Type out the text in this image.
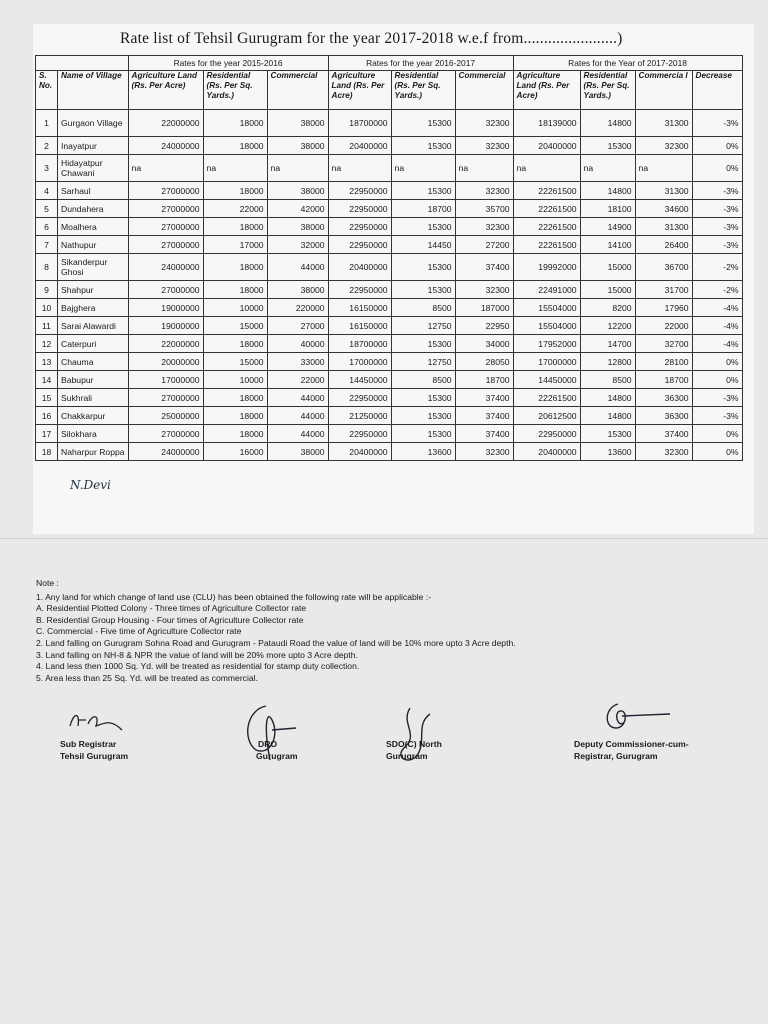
Rate list of Tehsil Gurugram for the year 2017-2018 w.e.f from.......................)
		Rates for the year 2015-2016			Rates for the year 2016-2017			Rates for the Year of 2017-2018			
S. No.	Name of Village	Agriculture Land (Rs. Per Acre)	Residential (Rs. Per Sq. Yards.)	Commercial	Agriculture Land (Rs. Per Acre)	Residential (Rs. Per Sq. Yards.)	Commercial	Agriculture Land (Rs. Per Acre)	Residential (Rs. Per Sq. Yards.)	Commercia l	Decrease
1	Gurgaon Village	22000000	18000	38000	18700000	15300	32300	18139000	14800	31300	-3%
2	Inayatpur	24000000	18000	38000	20400000	15300	32300	20400000	15300	32300	0%
3	Hidayatpur Chawani	na	na	na	na	na	na	na	na	na	0%
4	Sarhaul	27000000	18000	38000	22950000	15300	32300	22261500	14800	31300	-3%
5	Dundahera	27000000	22000	42000	22950000	18700	35700	22261500	18100	34600	-3%
6	Moalhera	27000000	18000	38000	22950000	15300	32300	22261500	14900	31300	-3%
7	Nathupur	27000000	17000	32000	22950000	14450	27200	22261500	14100	26400	-3%
8	Sikanderpur Ghosi	24000000	18000	44000	20400000	15300	37400	19992000	15000	36700	-2%
9	Shahpur	27000000	18000	38000	22950000	15300	32300	22491000	15000	31700	-2%
10	Bajghera	19000000	10000	220000	16150000	8500	187000	15504000	8200	17960	-4%
11	Sarai Alawardi	19000000	15000	27000	16150000	12750	22950	15504000	12200	22000	-4%
12	Caterpuri	22000000	18000	40000	18700000	15300	34000	17952000	14700	32700	-4%
13	Chauma	20000000	15000	33000	17000000	12750	28050	17000000	12800	28100	0%
14	Babupur	17000000	10000	22000	14450000	8500	18700	14450000	8500	18700	0%
15	Sukhrali	27000000	18000	44000	22950000	15300	37400	22261500	14800	36300	-3%
16	Chakkarpur	25000000	18000	44000	21250000	15300	37400	20612500	14800	36300	-3%
17	Silokhara	27000000	18000	44000	22950000	15300	37400	22950000	15300	37400	0%
18	Naharpur Roppa	24000000	16000	38000	20400000	13600	32300	20400000	13600	32300	0%
N.Devi
Note :
1. Any land for which change of land use (CLU) has been obtained the following rate will be applicable :-
A. Residential Plotted Colony - Three times of Agriculture Collector rate
B. Residential Group Housing - Four times of Agriculture Collector rate
C. Commercial - Five time of Agriculture Collector rate
2. Land falling on Gurugram Sohna Road and Gurugram - Pataudi Road the value of land will be 10% more upto 3 Acre depth.
3. Land falling on NH-8 & NPR the value of land will be 20% more upto 3 Acre depth.
4. Land less then 1000 Sq. Yd. will be treated as residential for stamp duty collection.
5. Area less than 25 Sq. Yd. will be treated as commercial.
Sub Registrar
Tehsil Gurugram
DRO
Gurugram
SDO(C) North
Gurugram
Deputy Commissioner-cum-
Registrar, Gurugram
